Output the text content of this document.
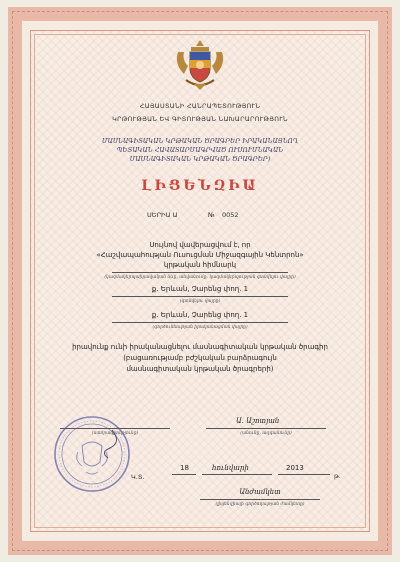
ՀԱՅԱՍՏԱՆԻ ՀԱՆՐԱՊԵՏՈՒԹՅՈՒՆ
ԿՐԹՈՒԹՅԱՆ ԵՎ ԳԻՏՈՒԹՅԱՆ ՆԱԽԱՐԱՐՈՒԹՅՈՒՆ
ՄԱՍՆԱԳԻՏԱԿԱՆ ԿՐԹԱԿԱՆ ԾՐԱԳՐԵՐ ԻՐԱԿԱՆԱՑՆՈՂ
ՊԵՏԱԿԱՆ ՀԱՎԱՏԱՐՄԱԳՐՎԱԾ ՈՒՍՈՒՄՆԱԿԱՆ
ՄԱՍՆԱԳԻՏԱԿԱՆ ԿՐԹԱԿԱՆ ԾՐԱԳՐԵՐ)
ԼԻՑԵՆԶԻԱ
ՍԵՐԻԱ Ա	№ 0052
Սույնով վավերացվում է, որ
«Հաշվապահության Ուսուցման Միջազգային Կենտրոն»
կրթական հիմնարկ
(կազմակերպաիրավական ձևը, անվանումը, կազմակերպության գտնվելու վայրը)
ք. Երևան, Չարենց փող. 1
(գտնվելու վայրը)
ք. Երևան, Չարենց փող. 1
(գործունեության իրականացման վայրը)
իրավունք ունի իրականացնելու մասնագիտական կրթական ծրագիր
(բացառությամբ բժշկական բարձրագույն
մասնագիտական կրթական ծրագրերի)
(ստորագրությունը)
Ա. Աշոտյան
(անունը, ազգանունը)
Կ.Տ.
18	հունվարի	2013
թ.
Անժամկետ
(լիցենզիայի գործողության ժամկետը)
